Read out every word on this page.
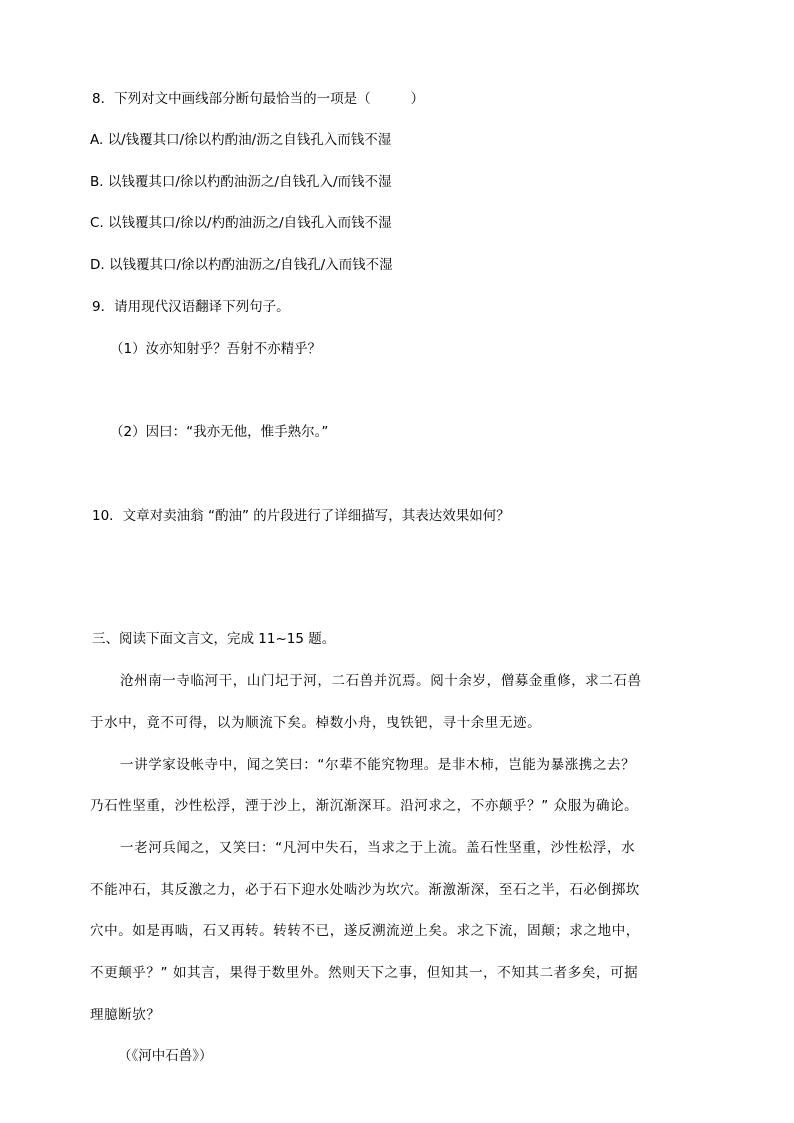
8．下列对文中画线部分断句最恰当的一项是（	）
A. 以/钱覆其口/徐以杓酌油/沥之自钱孔入而钱不湿
B. 以钱覆其口/徐以杓酌油沥之/自钱孔入/而钱不湿
C. 以钱覆其口/徐以/杓酌油沥之/自钱孔入而钱不湿
D. 以钱覆其口/徐以杓酌油沥之/自钱孔/入而钱不湿
9．请用现代汉语翻译下列句子。
（1）汝亦知射乎？吾射不亦精乎？
（2）因曰：“我亦无他，惟手熟尔。”
10．文章对卖油翁 “酌油” 的片段进行了详细描写，其表达效果如何？
三、阅读下面文言文，完成 11~15 题。
沧州南一寺临河干，山门圮于河，二石兽并沉焉。阅十余岁，僧募金重修，求二石兽
于水中，竟不可得，以为顺流下矣。棹数小舟，曳铁钯，寻十余里无迹。
一讲学家设帐寺中，闻之笑曰：“尔辈不能究物理。是非木柿，岂能为暴涨携之去？
乃石性坚重，沙性松浮，湮于沙上，渐沉渐深耳。沿河求之，不亦颠乎？” 众服为确论。
一老河兵闻之，又笑曰：“凡河中失石，当求之于上流。盖石性坚重，沙性松浮，水
不能冲石，其反激之力，必于石下迎水处啮沙为坎穴。渐激渐深，至石之半，石必倒掷坎
穴中。如是再啮，石又再转。转转不已，遂反溯流逆上矣。求之下流，固颠；求之地中，
不更颠乎？” 如其言，果得于数里外。然则天下之事，但知其一，不知其二者多矣，可据
理臆断欤？
（《河中石兽》）
